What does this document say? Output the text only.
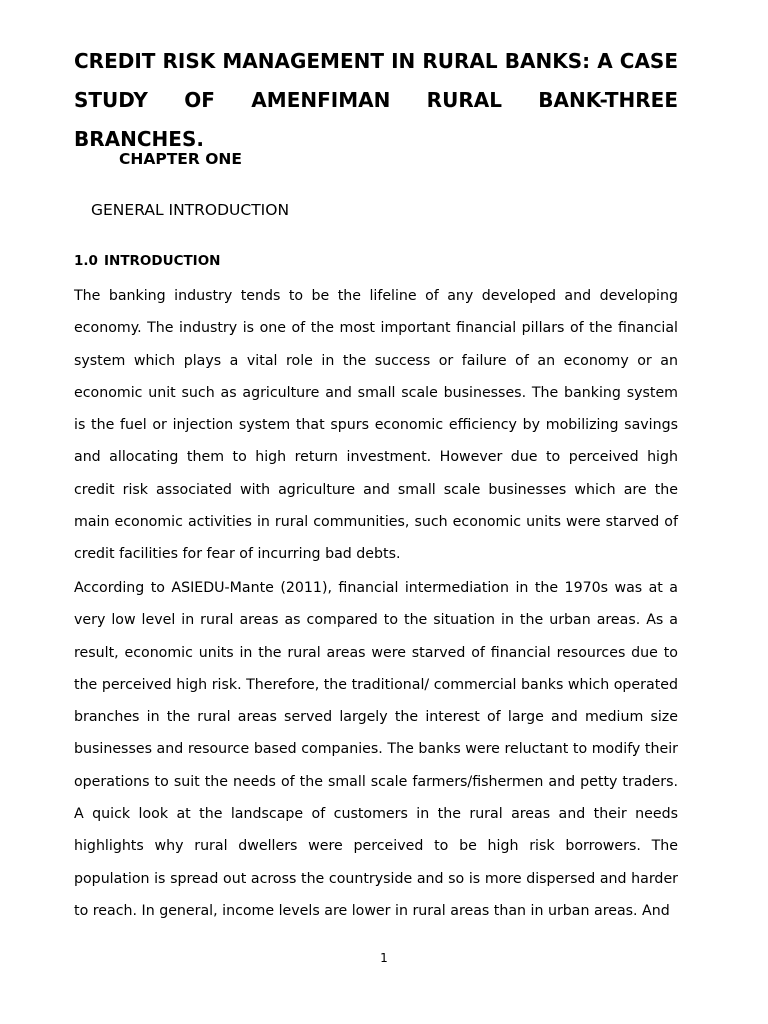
CREDIT RISK MANAGEMENT IN RURAL BANKS: A CASE STUDY OF AMENFIMAN RURAL BANK-THREE BRANCHES.

CHAPTER ONE

GENERAL INTRODUCTION

1.0 INTRODUCTION

The banking industry tends to be the lifeline of any developed and developing economy. The industry is one of the most important financial pillars of the financial system which plays a vital role in the success or failure of an economy or an economic unit such as agriculture and small scale businesses. The banking system is the fuel or injection system that spurs economic efficiency by mobilizing savings and allocating them to high return investment. However due to perceived high credit risk associated with agriculture and small scale businesses which are the main economic activities in rural communities, such economic units were starved of credit facilities for fear of incurring bad debts.

According to ASIEDU-Mante (2011), financial intermediation in the 1970s was at a very low level in rural areas as compared to the situation in the urban areas. As a result, economic units in the rural areas were starved of financial resources due to the perceived high risk. Therefore, the traditional/ commercial banks which operated branches in the rural areas served largely the interest of large and medium size businesses and resource based companies. The banks were reluctant to modify their operations to suit the needs of the small scale farmers/fishermen and petty traders. A quick look at the landscape of customers in the rural areas and their needs highlights why rural dwellers were perceived to be high risk borrowers. The population is spread out across the countryside and so is more dispersed and harder to reach. In general, income levels are lower in rural areas than in urban areas. And

1
